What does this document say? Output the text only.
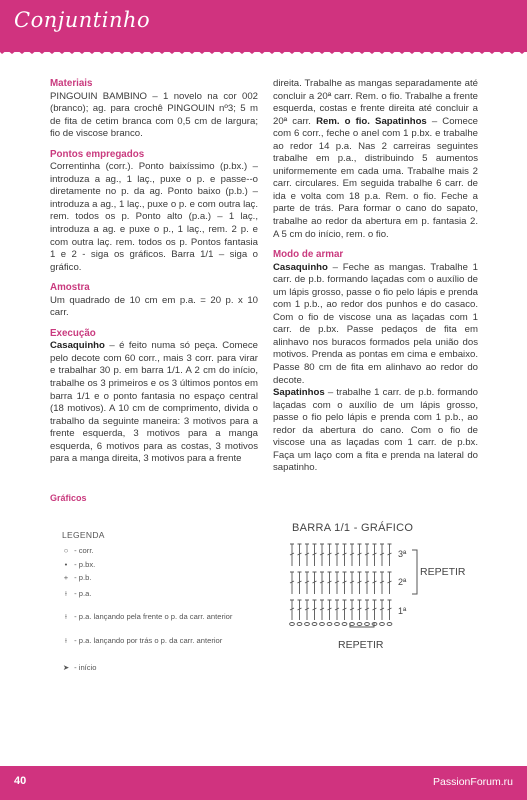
Conjuntinho
Materiais

PINGOUIN BAMBINO – 1 novelo na cor 002 (branco); ag. para crochê PINGOUIN nº3; 5 m de fita de cetim branca com 0,5 cm de largura; fio de viscose branco.

Pontos empregados

Correntinha (corr.). Ponto baixíssimo (p.bx.) – introduza a ag., 1 laç., puxe o p. e passe--o diretamente no p. da ag. Ponto baixo (p.b.) – introduza a ag., 1 laç., puxe o p. e com outra laç. rem. todos os p. Ponto alto (p.a.) – 1 laç., introduza a ag. e puxe o p., 1 laç., rem. 2 p. e com outra laç. rem. todos os p. Pontos fantasia 1 e 2 - siga os gráficos. Barra 1/1 – siga o gráfico.

Amostra

Um quadrado de 10 cm em p.a. = 20 p. x 10 carr.

Execução

Casaquinho – é feito numa só peça. Comece pelo decote com 60 corr., mais 3 corr. para virar e trabalhar 30 p. em barra 1/1. A 2 cm do início, trabalhe os 3 primeiros e os 3 últimos pontos em barra 1/1 e o ponto fantasia no espaço central (18 motivos). A 10 cm de comprimento, divida o trabalho da seguinte maneira: 3 motivos para a frente esquerda, 3 motivos para a manga esquerda, 6 motivos para as costas, 3 motivos para a manga direita, 3 motivos para a frente

direita. Trabalhe as mangas separadamente até concluir a 20ª carr. Rem. o fio. Trabalhe a frente esquerda, costas e frente direita até concluir a 20ª carr. Rem. o fio. Sapatinhos – Comece com 6 corr., feche o anel com 1 p.bx. e trabalhe ao redor 14 p.a. Nas 2 carreiras seguintes trabalhe em p.a., distribuindo 5 aumentos uniformemente em cada uma. Trabalhe mais 2 carr. circulares. Em seguida trabalhe 6 carr. de ida e volta com 18 p.a. Rem. o fio. Feche a parte de trás. Para formar o cano do sapato, trabalhe ao redor da abertura em p. fantasia 2. A 5 cm do início, rem. o fio.

Modo de armar

Casaquinho – Feche as mangas. Trabalhe 1 carr. de p.b. formando laçadas com o auxílio de um lápis grosso, passe o fio pelo lápis e prenda com 1 p.b., ao redor dos punhos e do casaco. Com o fio de viscose una as laçadas com 1 carr. de p.bx. Passe pedaços de fita em alinhavo nos buracos formados pela união dos motivos. Prenda as pontas em cima e embaixo. Passe 80 cm de fita em alinhavo ao redor do decote.

Sapatinhos – trabalhe 1 carr. de p.b. formando laçadas com o auxílio de um lápis grosso, passe o fio pelo lápis e prenda com 1 p.b., ao redor da abertura do cano. Com o fio de viscose una as laçadas com 1 carr. de p.bx. Faça um laço com a fita e prenda na lateral do sapatinho.

Gráficos
LEGENDA
○ - corr.
• - p.bx.
+ - p.b.
⟊ - p.a.
⟊ - p.a. lançando pela frente o p. da carr. anterior
⟊ - p.a. lançando por trás o p. da carr. anterior
➤ - início
BARRA 1/1 - GRÁFICO
3ª
2ª
1ª
REPETIR
REPETIR
40	PassionForum.ru
